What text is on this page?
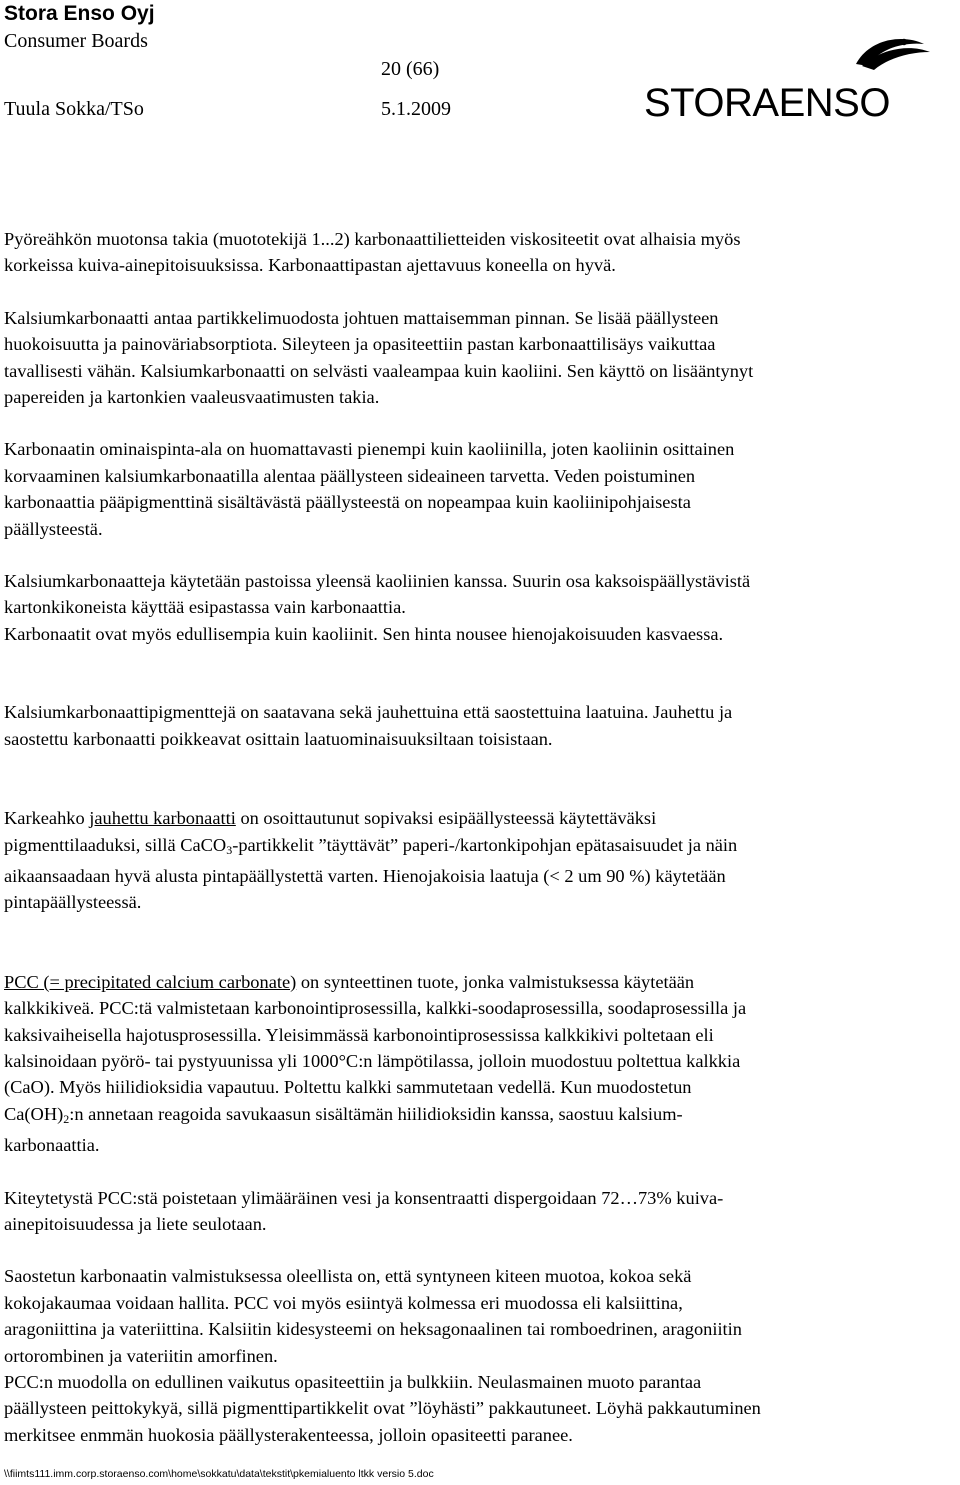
Stora Enso Oyj
Consumer Boards
20 (66)
Tuula Sokka/TSo	5.1.2009	STORAENSO

Pyöreähkön muotonsa takia (muototekijä 1...2) karbonaattilietteiden viskositeetit ovat alhaisia myös
korkeissa kuiva-ainepitoisuuksissa. Karbonaattipastan ajettavuus koneella on hyvä.

Kalsiumkarbonaatti antaa partikkelimuodosta johtuen mattaisemman pinnan. Se lisää päällysteen
huokoisuutta ja painoväriabsorptiota. Sileyteen ja opasiteettiin pastan karbonaattilisäys vaikuttaa
tavallisesti vähän. Kalsiumkarbonaatti on selvästi vaaleampaa kuin kaoliini. Sen käyttö on lisääntynyt
papereiden ja kartonkien vaaleusvaatimusten takia.

Karbonaatin ominaispinta-ala on huomattavasti pienempi kuin kaoliinilla, joten kaoliinin osittainen
korvaaminen kalsiumkarbonaatilla alentaa päällysteen sideaineen tarvetta. Veden poistuminen
karbonaattia pääpigmenttinä sisältävästä päällysteestä on nopeampaa kuin kaoliinipohjaisesta
päällysteestä.

Kalsiumkarbonaatteja käytetään pastoissa yleensä kaoliinien kanssa. Suurin osa kaksoispäällystävistä
kartonkikoneista käyttää esipastassa vain karbonaattia.
Karbonaatit ovat myös edullisempia kuin kaoliinit. Sen hinta nousee hienojakoisuuden kasvaessa.

Kalsiumkarbonaattipigmenttejä on saatavana sekä jauhettuina että saostettuina laatuina. Jauhettu ja
saostettu karbonaatti poikkeavat osittain laatuominaisuuksiltaan toisistaan.

Karkeahko jauhettu karbonaatti on osoittautunut sopivaksi esipäällysteessä käytettäväksi
pigmenttilaaduksi, sillä CaCO$_3$-partikkelit ”täyttävät” paperi-/kartonkipohjan epätasaisuudet ja näin
aikaansaadaan hyvä alusta pintapäällystettä varten. Hienojakoisia laatuja (< 2 um 90 %) käytetään
pintapäällysteessä.

PCC (= precipitated calcium carbonate) on synteettinen tuote, jonka valmistuksessa käytetään
kalkkikiveä. PCC:tä valmistetaan karbonointiprosessilla, kalkki-soodaprosessilla, soodaprosessilla ja
kaksivaiheisella hajotusprosessilla. Yleisimmässä karbonointiprosessissa kalkkikivi poltetaan eli
kalsinoidaan pyörö- tai pystyuunissa yli 1000°C:n lämpötilassa, jolloin muodostuu poltettua kalkkia
(CaO). Myös hiilidioksidia vapautuu. Poltettu kalkki sammutetaan vedellä. Kun muodostetun
$Ca(OH)_2:n$ annetaan reagoida savukaasun sisältämän hiilidioksidin kanssa, saostuu kalsium-
karbonaattia.

Kiteytetystä PCC:stä poistetaan ylimääräinen vesi ja konsentraatti dispergoidaan 72…73% kuiva-
ainepitoisuudessa ja liete seulotaan.

Saostetun karbonaatin valmistuksessa oleellista on, että syntyneen kiteen muotoa, kokoa sekä
kokojakaumaa voidaan hallita. PCC voi myös esiintyä kolmessa eri muodossa eli kalsiittina,
aragoniittina ja vateriittina. Kalsiitin kidesysteemi on heksagonaalinen tai romboedrinen, aragoniitin
ortorombinen ja vateriitin amorfinen.

PCC:n muodolla on edullinen vaikutus opasiteettiin ja bulkkiin. Neulasmainen muoto parantaa
päällysteen peittokykyä, sillä pigmenttipartikkelit ovat ”löyhästi” pakkautuneet. Löyhä pakkautuminen
merkitsee enmmän huokosia päällysterakenteessa, jolloin opasiteetti paranee.

\\fiimts111.imm.corp.storaenso.com\home\sokkatu\data\tekstit\pkemialuento ltkk versio 5.doc
